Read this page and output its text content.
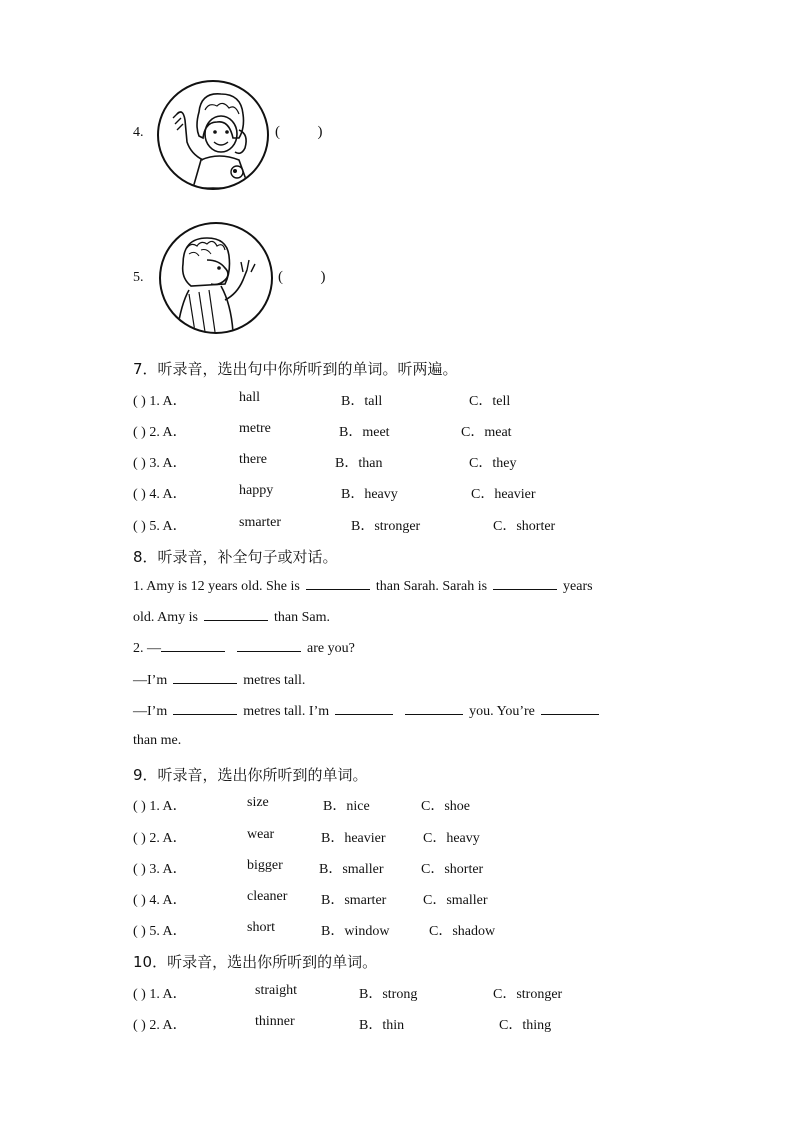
4.	(          )
5.	(          )
7．听录音，选出句中你所听到的单词。听两遍。
( ) 1. A．	hall	B．tall	C．tell
( ) 2. A．	metre	B．meet	C．meat
( ) 3. A．	there	B．than	C．they
( ) 4. A．	happy	B．heavy	C．heavier
( ) 5. A．	smarter	B．stronger	C．shorter
8．听录音，补全句子或对话。
1. Amy is 12 years old. She is	than Sarah. Sarah is	years
old. Amy is	than Sam.
2. —	are you?
—I’m	metres tall.
—I’m	metres tall. I’m	you. You’re
than me.
9．听录音，选出你所听到的单词。
( ) 1. A．	size	B．nice	C．shoe
( ) 2. A．	wear	B．heavier	C．heavy
( ) 3. A．	bigger	B．smaller	C．shorter
( ) 4. A．	cleaner B．smarter	C．smaller
( ) 5. A．	short	B．window	C．shadow
10．听录音，选出你所听到的单词。
( ) 1. A．	straight	B．strong	C．stronger
( ) 2. A．	thinner	B．thin	C．thing
